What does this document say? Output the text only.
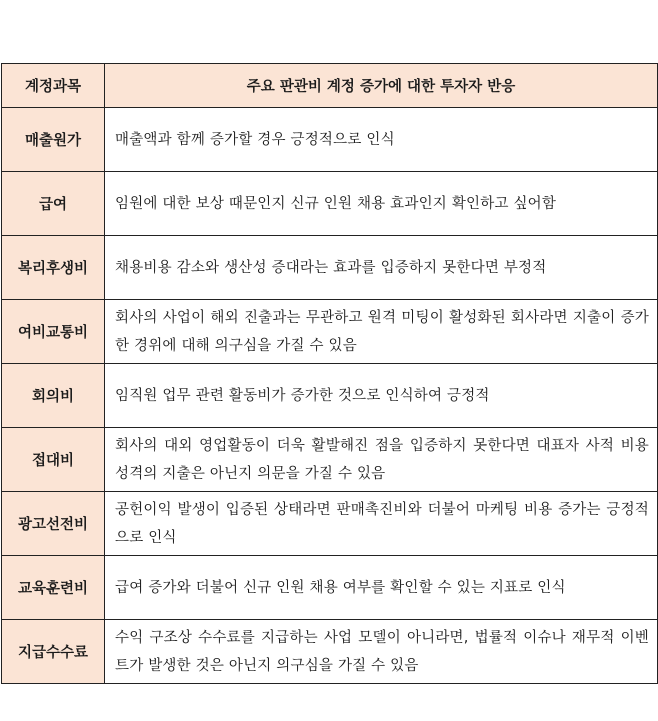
계정과목	주요 판관비 계정 증가에 대한 투자자 반응
매출원가	매출액과 함께 증가할 경우 긍정적으로 인식
급여	임원에 대한 보상 때문인지 신규 인원 채용 효과인지 확인하고 싶어함
복리후생비	채용비용 감소와 생산성 증대라는 효과를 입증하지 못한다면 부정적
여비교통비	회사의 사업이 해외 진출과는 무관하고 원격 미팅이 활성화된 회사라면 지출이 증가한 경위에 대해 의구심을 가질 수 있음
회의비	임직원 업무 관련 활동비가 증가한 것으로 인식하여 긍정적
접대비	회사의 대외 영업활동이 더욱 활발해진 점을 입증하지 못한다면 대표자 사적 비용 성격의 지출은 아닌지 의문을 가질 수 있음
광고선전비	공헌이익 발생이 입증된 상태라면 판매촉진비와 더불어 마케팅 비용 증가는 긍정적으로 인식
교육훈련비	급여 증가와 더불어 신규 인원 채용 여부를 확인할 수 있는 지표로 인식
지급수수료	수익 구조상 수수료를 지급하는 사업 모델이 아니라면, 법률적 이슈나 재무적 이벤트가 발생한 것은 아닌지 의구심을 가질 수 있음
